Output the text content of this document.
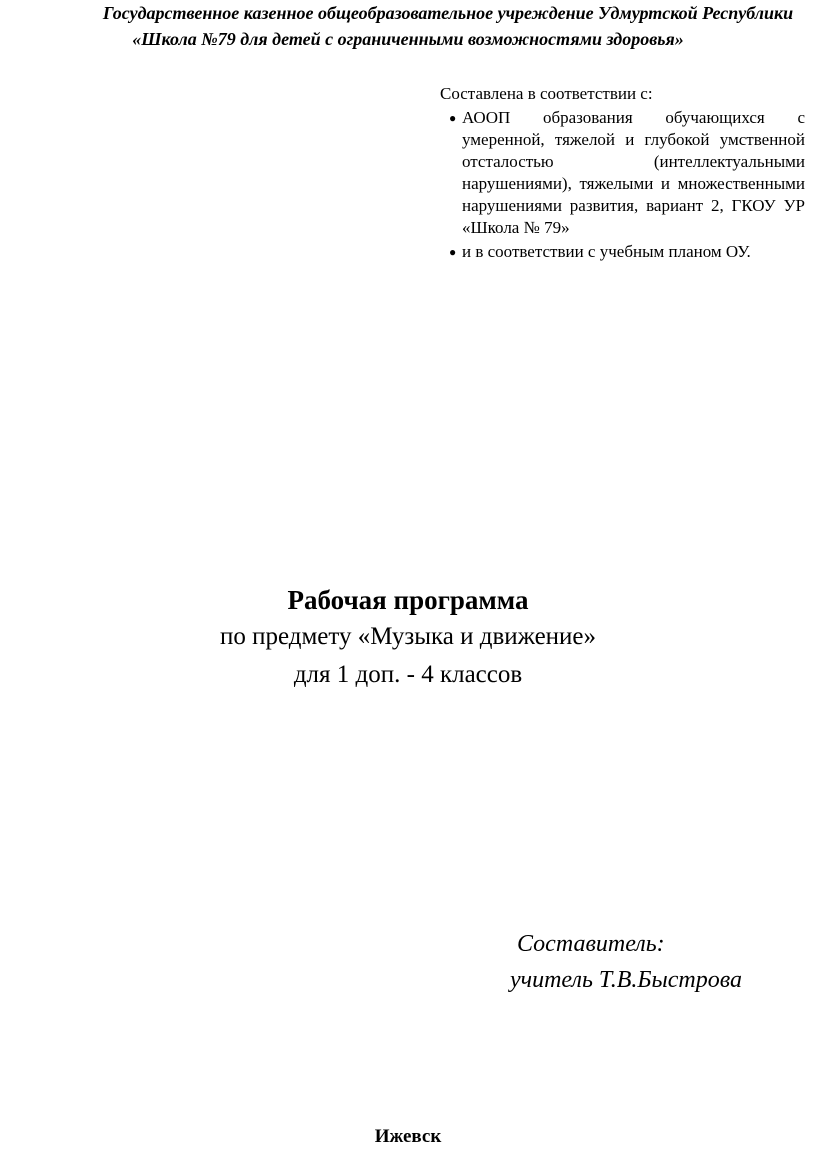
Государственное казенное общеобразовательное учреждение Удмуртской Республики
«Школа №79 для детей с ограниченными возможностями здоровья»

Составлена в соответствии с:

● АООП образования обучающихся с умеренной, тяжелой и глубокой умственной отсталостью (интеллектуальными нарушениями), тяжелыми и множественными нарушениями развития, вариант 2, ГКОУ УР «Школа № 79»
● и в соответствии с учебным планом ОУ.
Рабочая программа
по предмету «Музыка и движение»
для 1 доп. - 4 классов
Составитель:
учитель Т.В.Быстрова
Ижевск
